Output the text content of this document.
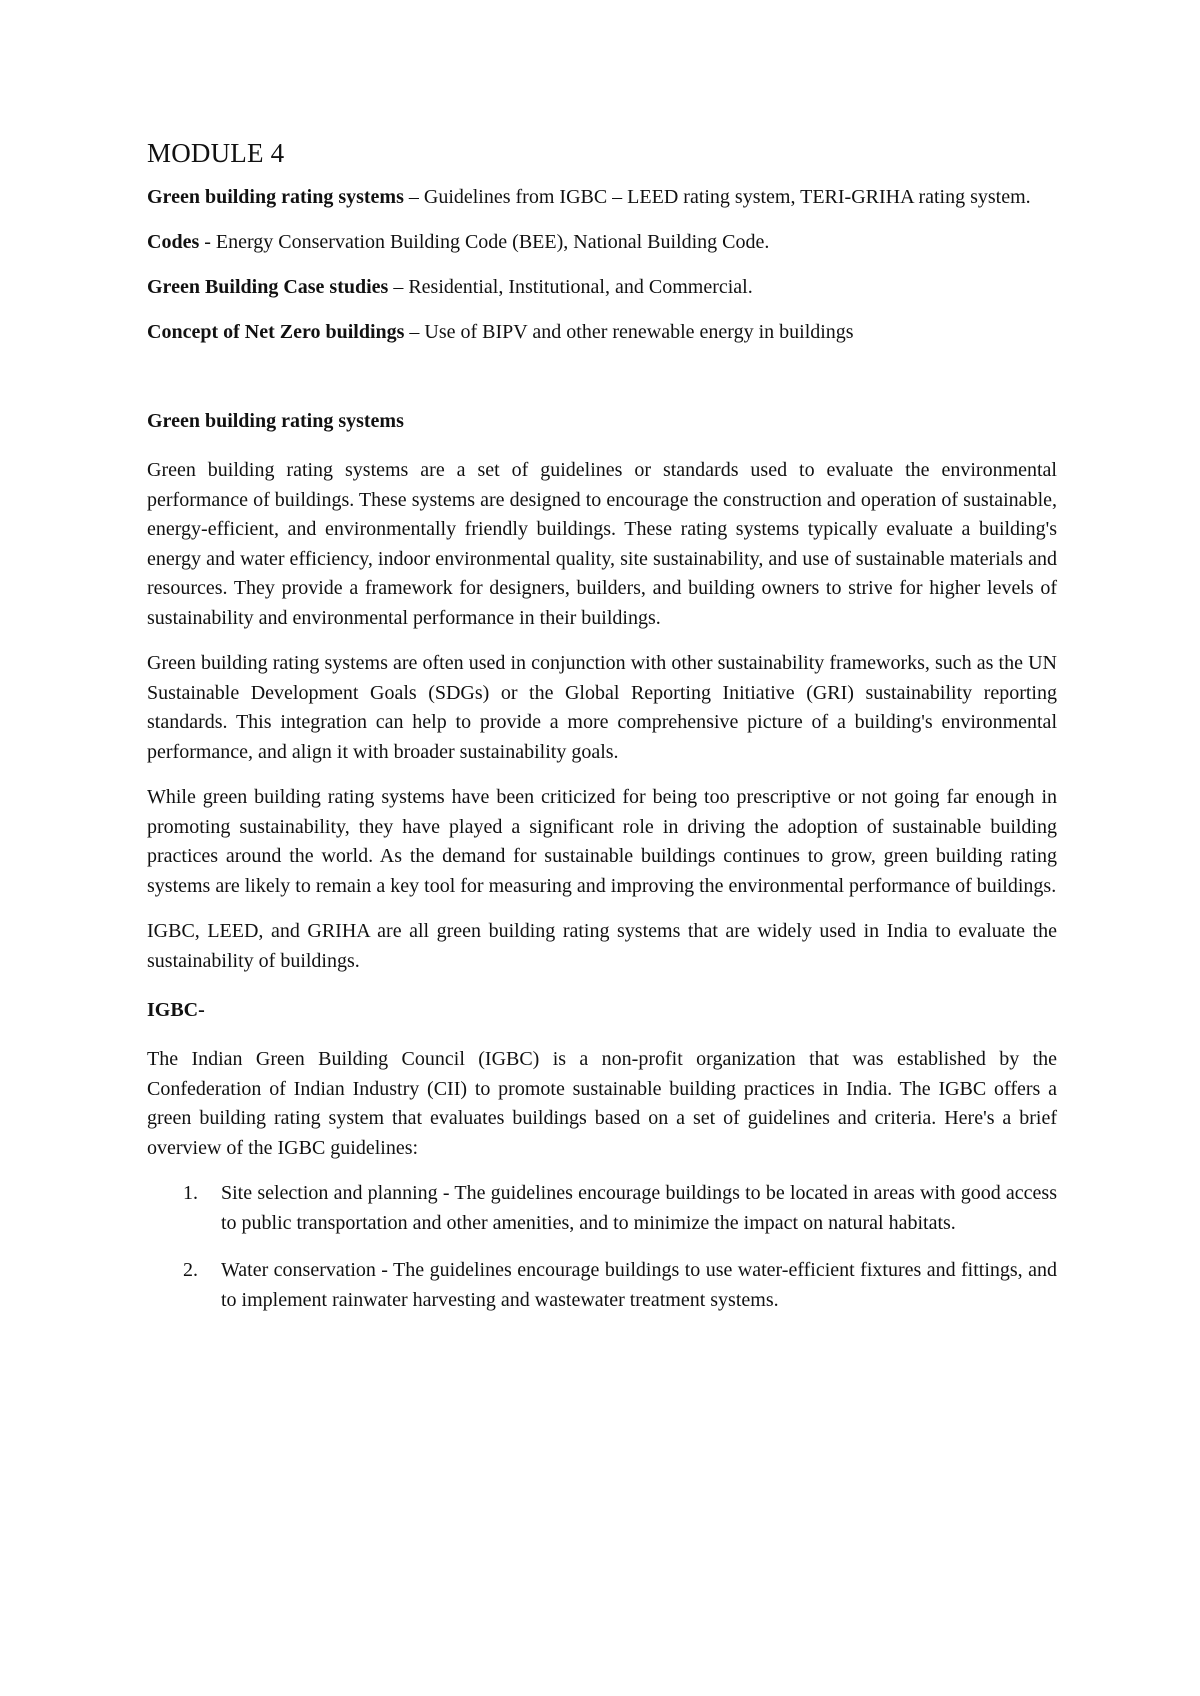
MODULE 4
Green building rating systems – Guidelines from IGBC – LEED rating system, TERI-GRIHA rating system.
Codes - Energy Conservation Building Code (BEE), National Building Code.
Green Building Case studies – Residential, Institutional, and Commercial.
Concept of Net Zero buildings – Use of BIPV and other renewable energy in buildings
Green building rating systems

Green building rating systems are a set of guidelines or standards used to evaluate the environmental performance of buildings. These systems are designed to encourage the construction and operation of sustainable, energy-efficient, and environmentally friendly buildings. These rating systems typically evaluate a building's energy and water efficiency, indoor environmental quality, site sustainability, and use of sustainable materials and resources. They provide a framework for designers, builders, and building owners to strive for higher levels of sustainability and environmental performance in their buildings.

Green building rating systems are often used in conjunction with other sustainability frameworks, such as the UN Sustainable Development Goals (SDGs) or the Global Reporting Initiative (GRI) sustainability reporting standards. This integration can help to provide a more comprehensive picture of a building's environmental performance, and align it with broader sustainability goals.

While green building rating systems have been criticized for being too prescriptive or not going far enough in promoting sustainability, they have played a significant role in driving the adoption of sustainable building practices around the world. As the demand for sustainable buildings continues to grow, green building rating systems are likely to remain a key tool for measuring and improving the environmental performance of buildings.

IGBC, LEED, and GRIHA are all green building rating systems that are widely used in India to evaluate the sustainability of buildings.

IGBC-

The Indian Green Building Council (IGBC) is a non-profit organization that was established by the Confederation of Indian Industry (CII) to promote sustainable building practices in India. The IGBC offers a green building rating system that evaluates buildings based on a set of guidelines and criteria. Here's a brief overview of the IGBC guidelines:

1.	Site selection and planning - The guidelines encourage buildings to be located in areas with good access to public transportation and other amenities, and to minimize the impact on natural habitats.
2.	Water conservation - The guidelines encourage buildings to use water-efficient fixtures and fittings, and to implement rainwater harvesting and wastewater treatment systems.
